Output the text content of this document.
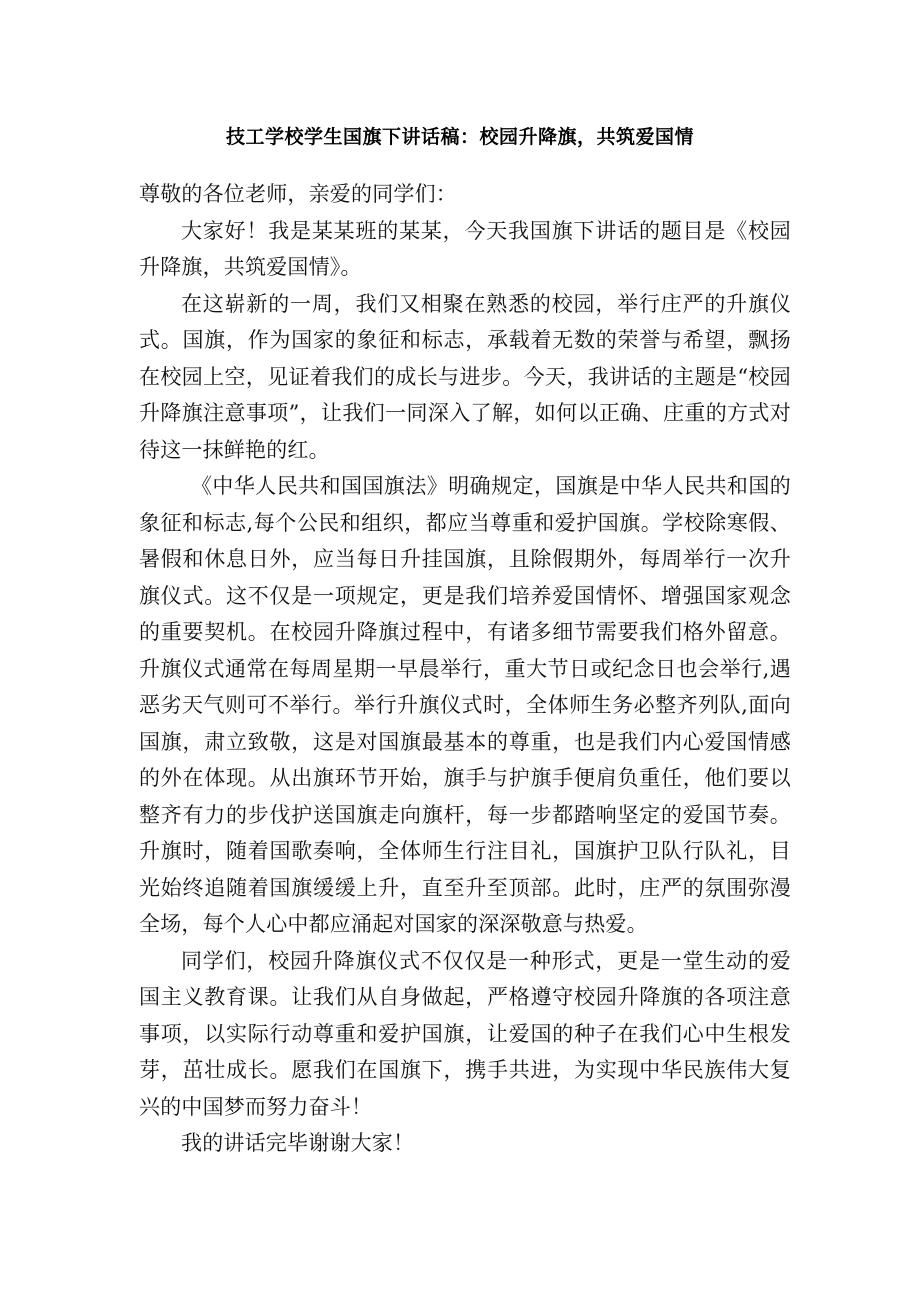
技工学校学生国旗下讲话稿：校园升降旗，共筑爱国情

尊敬的各位老师，亲爱的同学们：

大家好！我是某某班的某某，今天我国旗下讲话的题目是《校园升降旗，共筑爱国情》。

在这崭新的一周，我们又相聚在熟悉的校园，举行庄严的升旗仪式。国旗，作为国家的象征和标志，承载着无数的荣誉与希望，飘扬在校园上空，见证着我们的成长与进步。今天，我讲话的主题是“校园升降旗注意事项”，让我们一同深入了解，如何以正确、庄重的方式对待这一抹鲜艳的红。

《中华人民共和国国旗法》明确规定，国旗是中华人民共和国的象征和标志,每个公民和组织，都应当尊重和爱护国旗。学校除寒假、暑假和休息日外，应当每日升挂国旗，且除假期外，每周举行一次升旗仪式。这不仅是一项规定，更是我们培养爱国情怀、增强国家观念的重要契机。在校园升降旗过程中，有诸多细节需要我们格外留意。升旗仪式通常在每周星期一早晨举行，重大节日或纪念日也会举行,遇恶劣天气则可不举行。举行升旗仪式时，全体师生务必整齐列队,面向国旗，肃立致敬，这是对国旗最基本的尊重，也是我们内心爱国情感的外在体现。从出旗环节开始，旗手与护旗手便肩负重任，他们要以整齐有力的步伐护送国旗走向旗杆，每一步都踏响坚定的爱国节奏。升旗时，随着国歌奏响，全体师生行注目礼，国旗护卫队行队礼，目光始终追随着国旗缓缓上升，直至升至顶部。此时，庄严的氛围弥漫全场，每个人心中都应涌起对国家的深深敬意与热爱。

同学们，校园升降旗仪式不仅仅是一种形式，更是一堂生动的爱国主义教育课。让我们从自身做起，严格遵守校园升降旗的各项注意事项，以实际行动尊重和爱护国旗，让爱国的种子在我们心中生根发芽，茁壮成长。愿我们在国旗下，携手共进，为实现中华民族伟大复兴的中国梦而努力奋斗！

我的讲话完毕谢谢大家！
